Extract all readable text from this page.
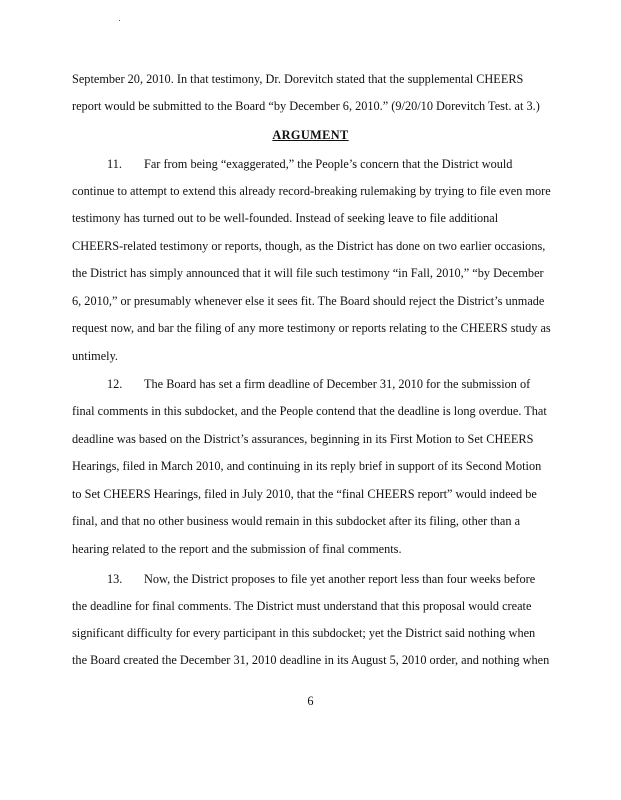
September 20, 2010. In that testimony, Dr. Dorevitch stated that the supplemental CHEERS
report would be submitted to the Board “by December 6, 2010.” (9/20/10 Dorevitch Test. at 3.)
ARGUMENT
11. Far from being “exaggerated,” the People’s concern that the District would
continue to attempt to extend this already record-breaking rulemaking by trying to file even more
testimony has turned out to be well-founded. Instead of seeking leave to file additional
CHEERS-related testimony or reports, though, as the District has done on two earlier occasions,
the District has simply announced that it will file such testimony “in Fall, 2010,” “by December
6, 2010,” or presumably whenever else it sees fit. The Board should reject the District’s unmade
request now, and bar the filing of any more testimony or reports relating to the CHEERS study as
untimely.
12. The Board has set a firm deadline of December 31, 2010 for the submission of
final comments in this subdocket, and the People contend that the deadline is long overdue. That
deadline was based on the District’s assurances, beginning in its First Motion to Set CHEERS
Hearings, filed in March 2010, and continuing in its reply brief in support of its Second Motion
to Set CHEERS Hearings, filed in July 2010, that the “final CHEERS report” would indeed be
final, and that no other business would remain in this subdocket after its filing, other than a
hearing related to the report and the submission of final comments.
13. Now, the District proposes to file yet another report less than four weeks before
the deadline for final comments. The District must understand that this proposal would create
significant difficulty for every participant in this subdocket; yet the District said nothing when
the Board created the December 31, 2010 deadline in its August 5, 2010 order, and nothing when
6
